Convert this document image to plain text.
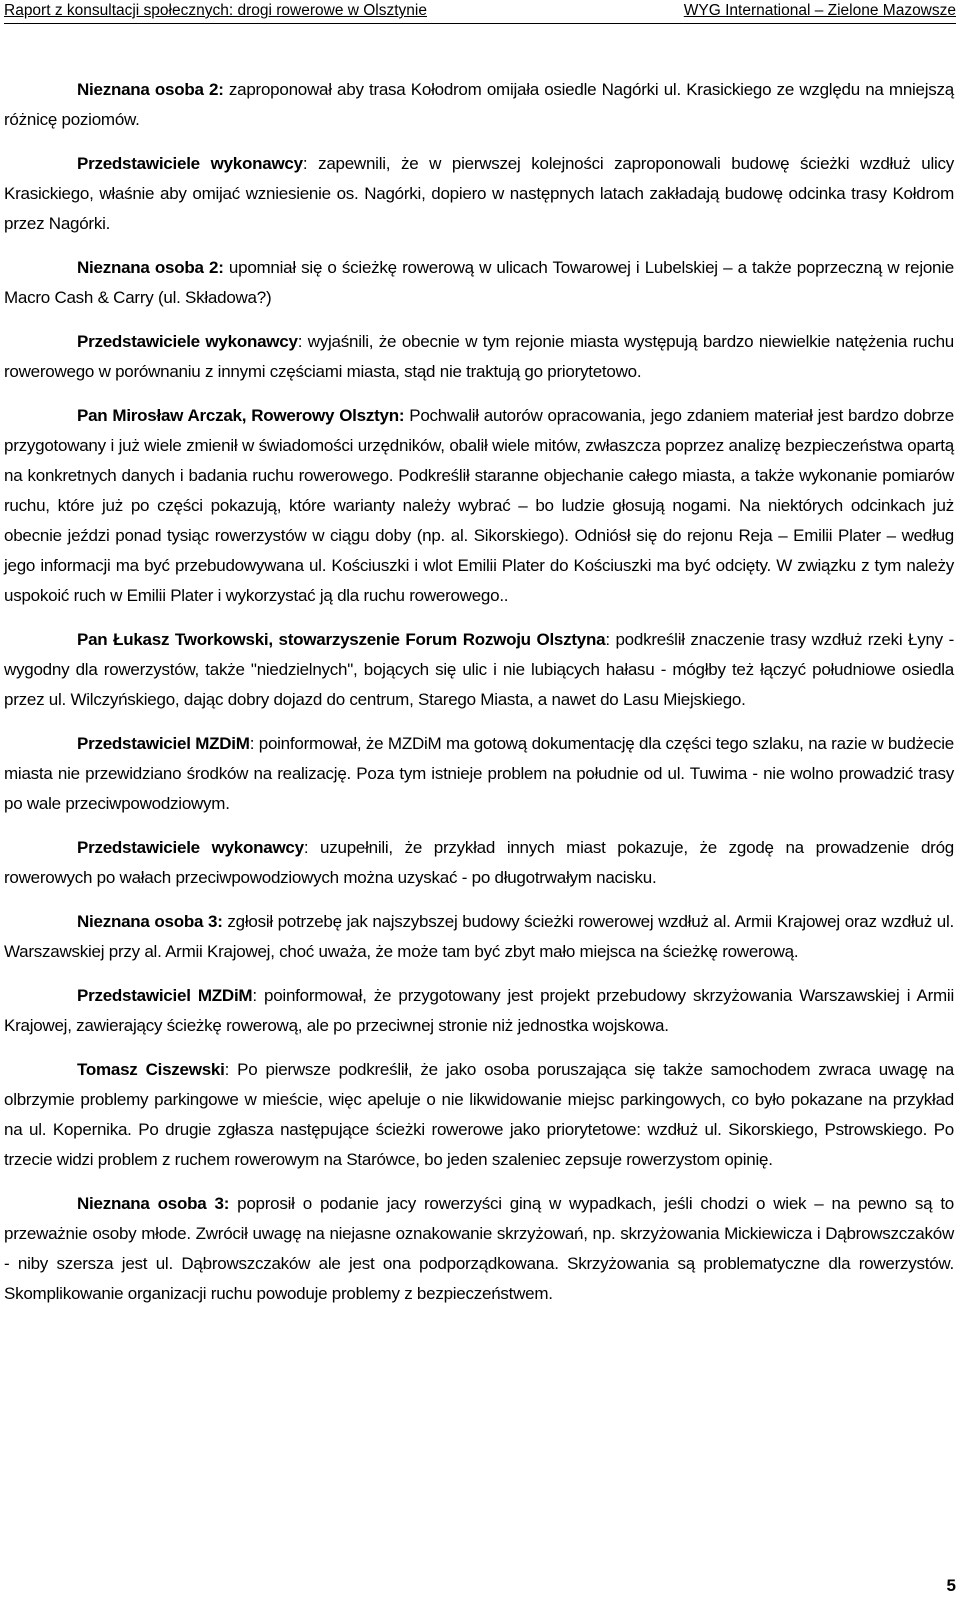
Raport z konsultacji społecznych: drogi rowerowe w Olsztynie	WYG International – Zielone Mazowsze

Nieznana osoba 2: zaproponował aby trasa Kołodrom omijała osiedle Nagórki ul. Krasickiego ze względu na mniejszą różnicę poziomów.

Przedstawiciele wykonawcy: zapewnili, że w pierwszej kolejności zaproponowali budowę ścieżki wzdłuż ulicy Krasickiego, właśnie aby omijać wzniesienie os. Nagórki, dopiero w następnych latach zakładają budowę odcinka trasy Kołdrom przez Nagórki.

Nieznana osoba 2: upomniał się o ścieżkę rowerową w ulicach Towarowej i Lubelskiej – a także poprzeczną w rejonie Macro Cash & Carry (ul. Składowa?)

Przedstawiciele wykonawcy: wyjaśnili, że obecnie w tym rejonie miasta występują bardzo niewielkie natężenia ruchu rowerowego w porównaniu z innymi częściami miasta, stąd nie traktują go priorytetowo.

Pan Mirosław Arczak, Rowerowy Olsztyn: Pochwalił autorów opracowania, jego zdaniem materiał jest bardzo dobrze przygotowany i już wiele zmienił w świadomości urzędników, obalił wiele mitów, zwłaszcza poprzez analizę bezpieczeństwa opartą na konkretnych danych i badania ruchu rowerowego. Podkreślił staranne objechanie całego miasta, a także wykonanie pomiarów ruchu, które już po części pokazują, które warianty należy wybrać – bo ludzie głosują nogami. Na niektórych odcinkach już obecnie jeździ ponad tysiąc rowerzystów w ciągu doby (np. al. Sikorskiego). Odniósł się do rejonu Reja – Emilii Plater – według jego informacji ma być przebudowywana ul. Kościuszki i wlot Emilii Plater do Kościuszki ma być odcięty. W związku z tym należy uspokoić ruch w Emilii Plater i wykorzystać ją dla ruchu rowerowego..

Pan Łukasz Tworkowski, stowarzyszenie Forum Rozwoju Olsztyna: podkreślił znaczenie trasy wzdłuż rzeki Łyny - wygodny dla rowerzystów, także "niedzielnych", bojących się ulic i nie lubiących hałasu - mógłby też łączyć południowe osiedla przez ul. Wilczyńskiego, dając dobry dojazd do centrum, Starego Miasta, a nawet do Lasu Miejskiego.

Przedstawiciel MZDiM: poinformował, że MZDiM ma gotową dokumentację dla części tego szlaku, na razie w budżecie miasta nie przewidziano środków na realizację. Poza tym istnieje problem na południe od ul. Tuwima - nie wolno prowadzić trasy po wale przeciwpowodziowym.

Przedstawiciele wykonawcy: uzupełnili, że przykład innych miast pokazuje, że zgodę na prowadzenie dróg rowerowych po wałach przeciwpowodziowych można uzyskać - po długotrwałym nacisku.

Nieznana osoba 3: zgłosił potrzebę jak najszybszej budowy ścieżki rowerowej wzdłuż al. Armii Krajowej oraz wzdłuż ul. Warszawskiej przy al. Armii Krajowej, choć uważa, że może tam być zbyt mało miejsca na ścieżkę rowerową.

Przedstawiciel MZDiM: poinformował, że przygotowany jest projekt przebudowy skrzyżowania Warszawskiej i Armii Krajowej, zawierający ścieżkę rowerową, ale po przeciwnej stronie niż jednostka wojskowa.

Tomasz Ciszewski: Po pierwsze podkreślił, że jako osoba poruszająca się także samochodem zwraca uwagę na olbrzymie problemy parkingowe w mieście, więc apeluje o nie likwidowanie miejsc parkingowych, co było pokazane na przykład na ul. Kopernika. Po drugie zgłasza następujące ścieżki rowerowe jako priorytetowe: wzdłuż ul. Sikorskiego, Pstrowskiego. Po trzecie widzi problem z ruchem rowerowym na Starówce, bo jeden szaleniec zepsuje rowerzystom opinię.

Nieznana osoba 3: poprosił o podanie jacy rowerzyści giną w wypadkach, jeśli chodzi o wiek – na pewno są to przeważnie osoby młode. Zwrócił uwagę na niejasne oznakowanie skrzyżowań, np. skrzyżowania Mickiewicza i Dąbrowszczaków - niby szersza jest ul. Dąbrowszczaków ale jest ona podporządkowana. Skrzyżowania są problematyczne dla rowerzystów. Skomplikowanie organizacji ruchu powoduje problemy z bezpieczeństwem.

5
